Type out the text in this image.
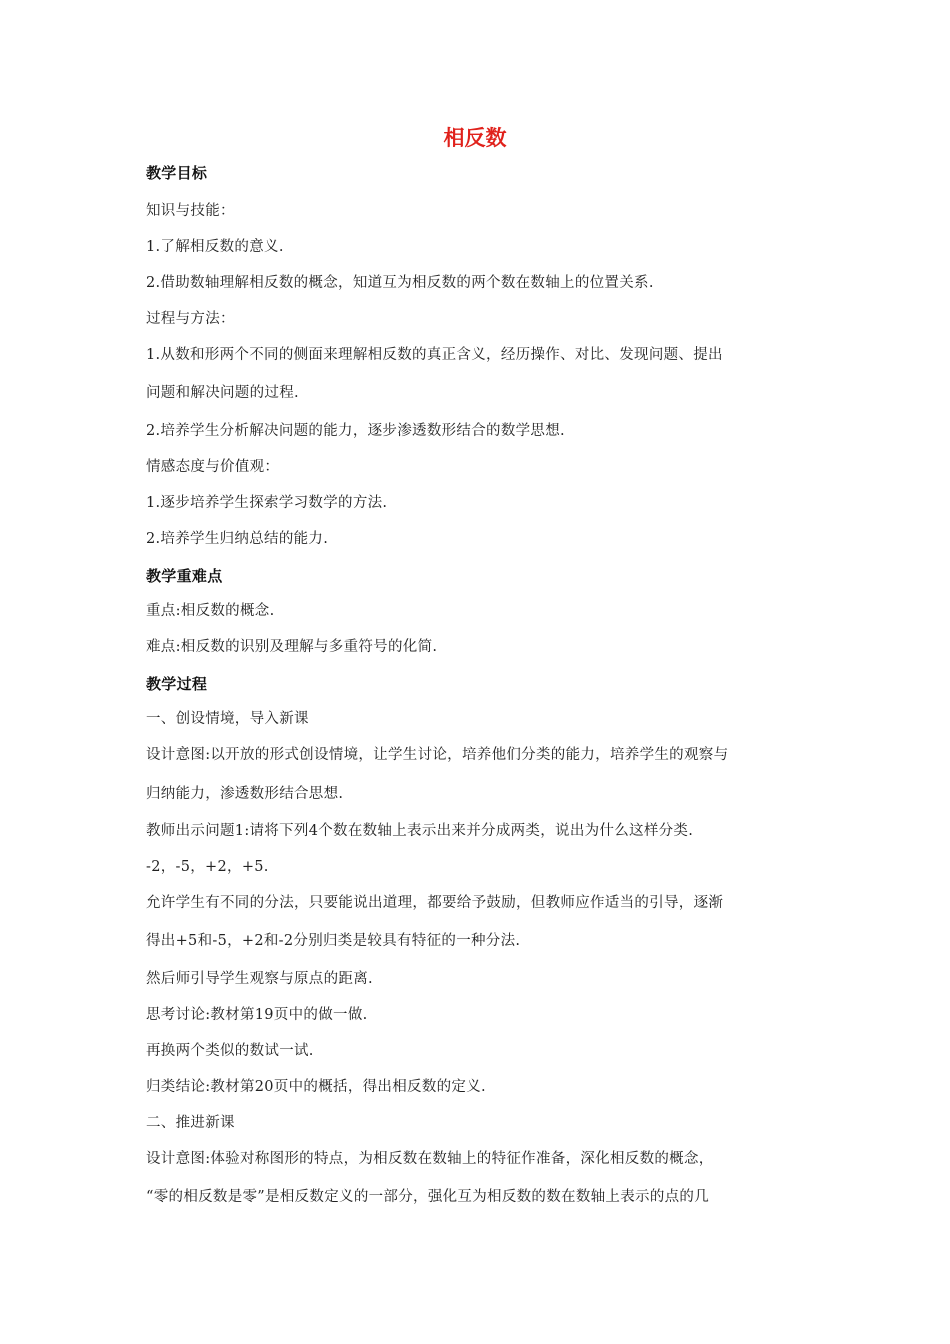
相反数
教学目标
知识与技能：
1.了解相反数的意义.
2.借助数轴理解相反数的概念，知道互为相反数的两个数在数轴上的位置关系.
过程与方法：
1.从数和形两个不同的侧面来理解相反数的真正含义，经历操作、对比、发现问题、提出
问题和解决问题的过程.
2.培养学生分析解决问题的能力，逐步渗透数形结合的数学思想.
情感态度与价值观：
1.逐步培养学生探索学习数学的方法.
2.培养学生归纳总结的能力.
教学重难点
重点:相反数的概念.
难点:相反数的识别及理解与多重符号的化简.
教学过程
一、创设情境，导入新课
设计意图:以开放的形式创设情境，让学生讨论，培养他们分类的能力，培养学生的观察与
归纳能力，渗透数形结合思想.
教师出示问题1:请将下列4个数在数轴上表示出来并分成两类，说出为什么这样分类.
-2，-5，+2，+5.
允许学生有不同的分法，只要能说出道理，都要给予鼓励，但教师应作适当的引导，逐渐
得出+5和-5，+2和-2分别归类是较具有特征的一种分法.
然后师引导学生观察与原点的距离.
思考讨论:教材第19页中的做一做.
再换两个类似的数试一试.
归类结论:教材第20页中的概括，得出相反数的定义.
二、推进新课
设计意图:体验对称图形的特点，为相反数在数轴上的特征作准备，深化相反数的概念，
“零的相反数是零”是相反数定义的一部分，强化互为相反数的数在数轴上表示的点的几
